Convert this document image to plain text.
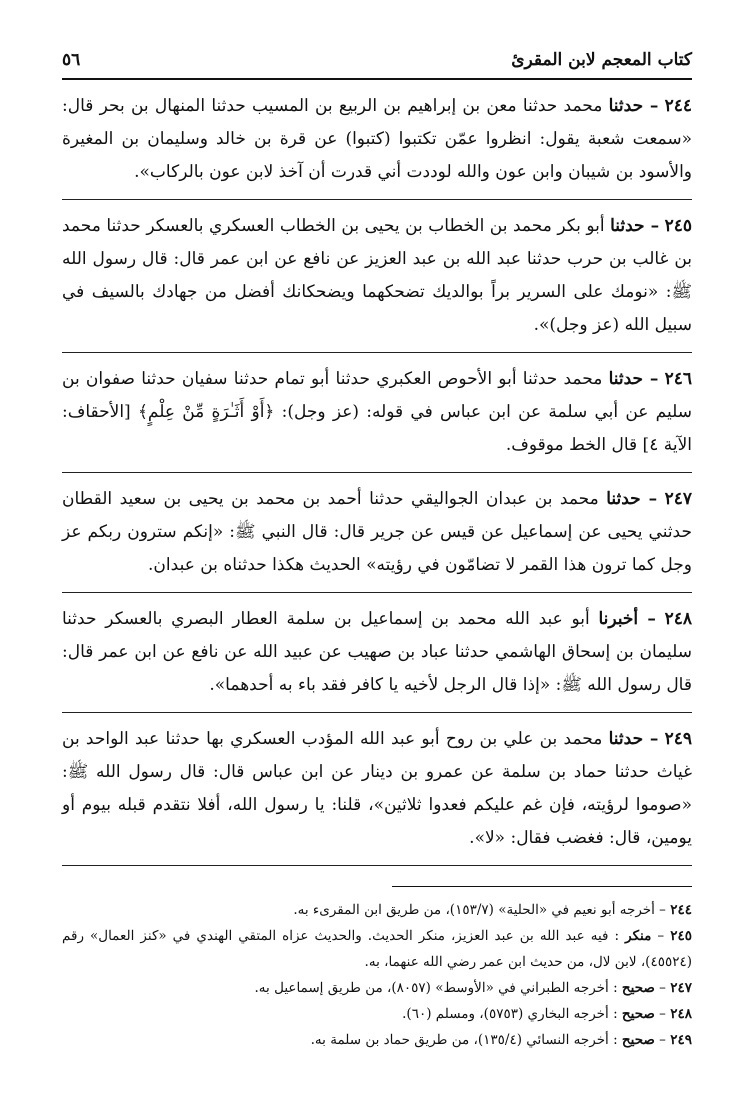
كتاب المعجم لابن المقرئ
٥٦
٢٤٤ – حدثنا محمد حدثنا معن بن إبراهيم بن الربيع بن المسيب حدثنا المنهال بن بحر قال: «سمعت شعبة يقول: انظروا عمّن تكتبوا (كتبوا) عن قرة بن خالد وسليمان بن المغيرة والأسود بن شيبان وابن عون والله لوددت أني قدرت أن آخذ لابن عون بالركاب».
٢٤٥ – حدثنا أبو بكر محمد بن الخطاب بن يحيى بن الخطاب العسكري بالعسكر حدثنا محمد بن غالب بن حرب حدثنا عبد الله بن عبد العزيز عن نافع عن ابن عمر قال: قال رسول الله ﷺ: «نومك على السرير براً بوالديك تضحكهما ويضحكانك أفضل من جهادك بالسيف في سبيل الله (عز وجل)».
٢٤٦ – حدثنا محمد حدثنا أبو الأحوص العكبري حدثنا أبو تمام حدثنا سفيان حدثنا صفوان بن سليم عن أبي سلمة عن ابن عباس في قوله: (عز وجل): ﴿أَوْ أَثَـٰرَةٍ مِّنْ عِلْمٍ﴾ [الأحقاف: الآية ٤] قال الخط موقوف.
٢٤٧ – حدثنا محمد بن عبدان الجواليقي حدثنا أحمد بن محمد بن يحيى بن سعيد القطان حدثني يحيى عن إسماعيل عن قيس عن جرير قال: قال النبي ﷺ: «إنكم سترون ربكم عز وجل كما ترون هذا القمر لا تضامّون في رؤيته» الحديث هكذا حدثناه بن عبدان.
٢٤٨ – أخبرنا أبو عبد الله محمد بن إسماعيل بن سلمة العطار البصري بالعسكر حدثنا سليمان بن إسحاق الهاشمي حدثنا عباد بن صهيب عن عبيد الله عن نافع عن ابن عمر قال: قال رسول الله ﷺ: «إذا قال الرجل لأخيه يا كافر فقد باء به أحدهما».
٢٤٩ – حدثنا محمد بن علي بن روح أبو عبد الله المؤدب العسكري بها حدثنا عبد الواحد بن غياث حدثنا حماد بن سلمة عن عمرو بن دينار عن ابن عباس قال: قال رسول الله ﷺ: «صوموا لرؤيته، فإن غم عليكم فعدوا ثلاثين»، قلنا: يا رسول الله، أفلا نتقدم قبله بيوم أو يومين، قال: فغضب فقال: «لا».
٢٤٤ – أخرجه أبو نعيم في «الحلية» (١٥٣/٧)، من طريق ابن المقرىء به.
٢٤٥ – منكر : فيه عبد الله بن عبد العزيز، منكر الحديث. والحديث عزاه المتقي الهندي في «كنز العمال» رقم (٤٥٥٢٤)، لابن لال، من حديث ابن عمر رضي الله عنهما، به.
٢٤٧ – صحيح : أخرجه الطبراني في «الأوسط» (٨٠٥٧)، من طريق إسماعيل به.
٢٤٨ – صحيح : أخرجه البخاري (٥٧٥٣)، ومسلم (٦٠).
٢٤٩ – صحيح : أخرجه النسائي (١٣٥/٤)، من طريق حماد بن سلمة به.
